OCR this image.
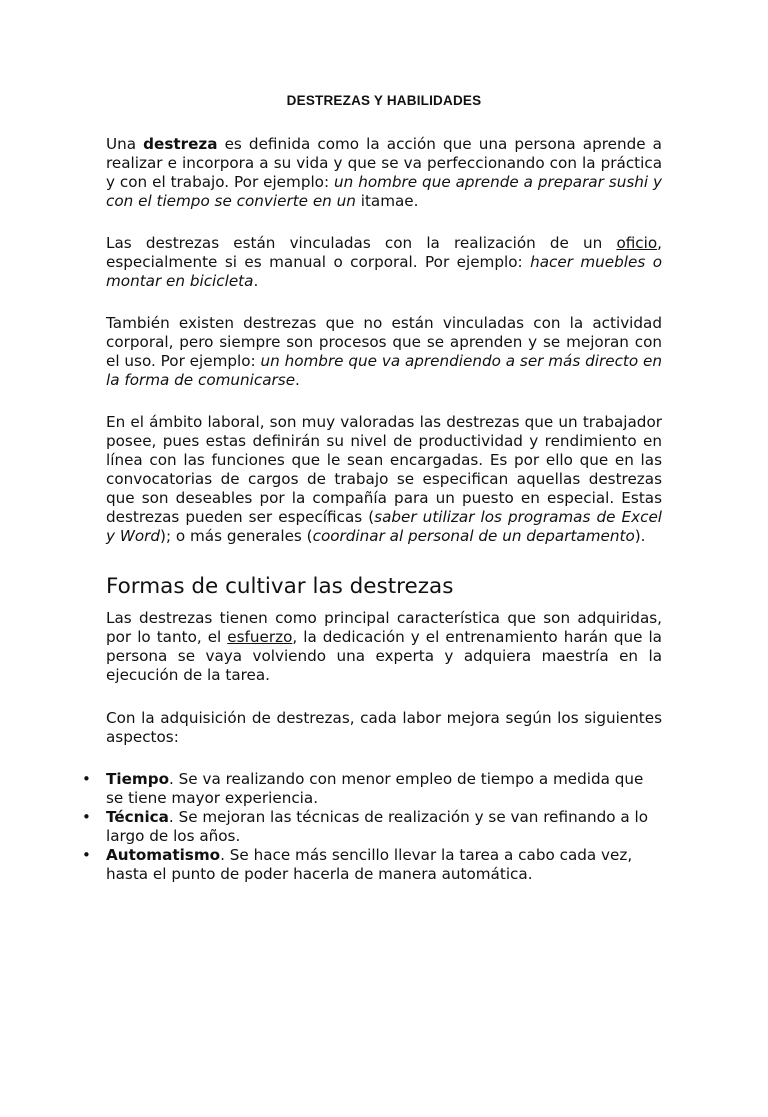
DESTREZAS Y HABILIDADES

Una destreza es definida como la acción que una persona aprende a realizar e incorpora a su vida y que se va perfeccionando con la práctica y con el trabajo. Por ejemplo: un hombre que aprende a preparar sushi y con el tiempo se convierte en un itamae.

Las destrezas están vinculadas con la realización de un oficio, especialmente si es manual o corporal. Por ejemplo: hacer muebles o montar en bicicleta.

También existen destrezas que no están vinculadas con la actividad corporal, pero siempre son procesos que se aprenden y se mejoran con el uso. Por ejemplo: un hombre que va aprendiendo a ser más directo en la forma de comunicarse.

En el ámbito laboral, son muy valoradas las destrezas que un trabajador posee, pues estas definirán su nivel de productividad y rendimiento en línea con las funciones que le sean encargadas. Es por ello que en las convocatorias de cargos de trabajo se especifican aquellas destrezas que son deseables por la compañía para un puesto en especial. Estas destrezas pueden ser específicas (saber utilizar los programas de Excel y Word); o más generales (coordinar al personal de un departamento).

Formas de cultivar las destrezas

Las destrezas tienen como principal característica que son adquiridas, por lo tanto, el esfuerzo, la dedicación y el entrenamiento harán que la persona se vaya volviendo una experta y adquiera maestría en la ejecución de la tarea.

Con la adquisición de destrezas, cada labor mejora según los siguientes aspectos:

• Tiempo. Se va realizando con menor empleo de tiempo a medida que se tiene mayor experiencia.
• Técnica. Se mejoran las técnicas de realización y se van refinando a lo largo de los años.
• Automatismo. Se hace más sencillo llevar la tarea a cabo cada vez, hasta el punto de poder hacerla de manera automática.
